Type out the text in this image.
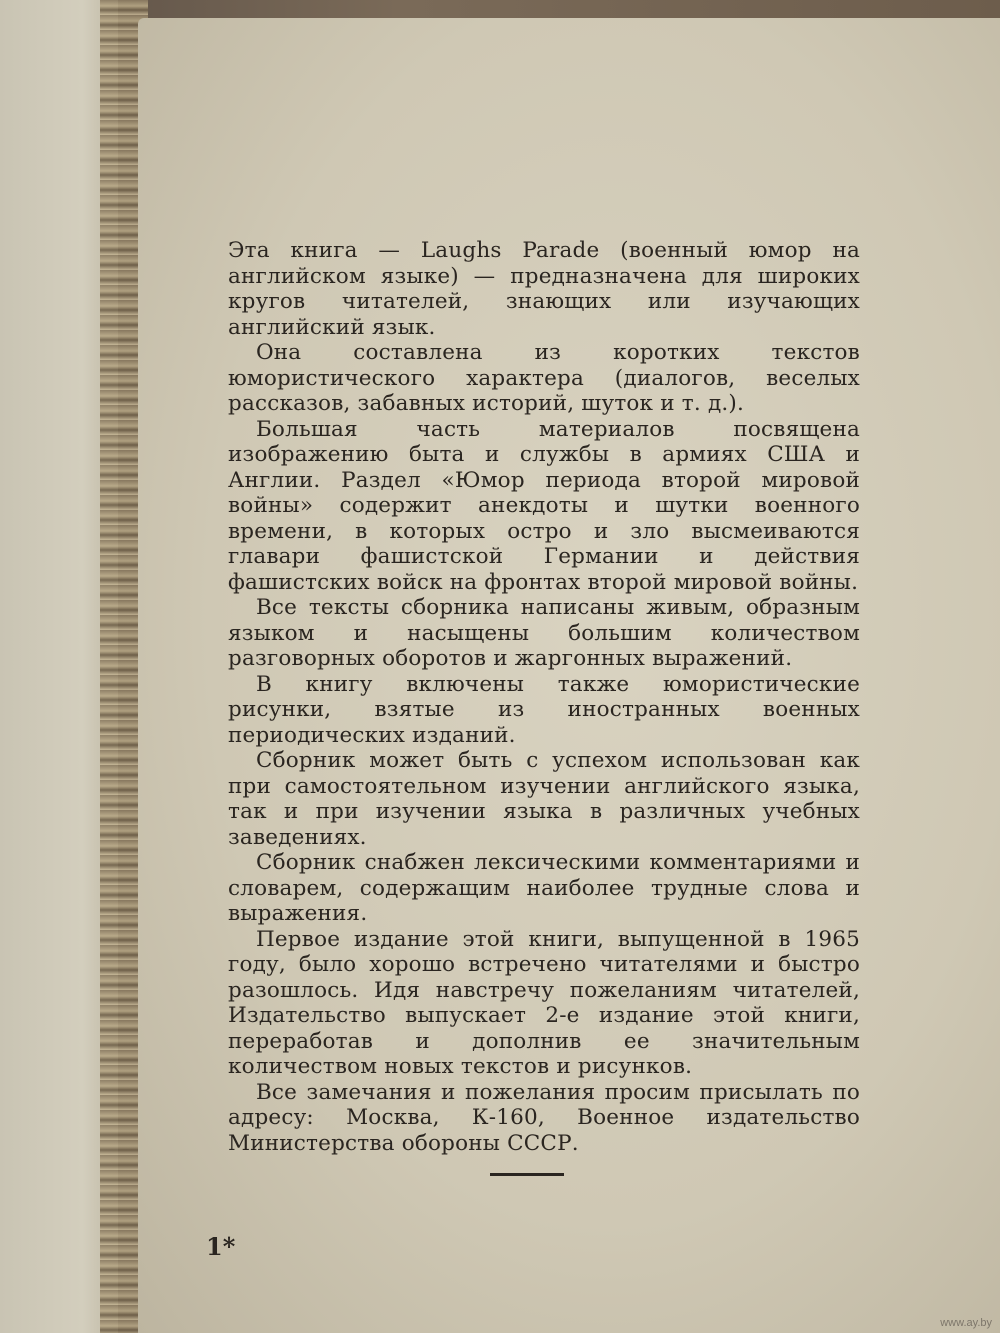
Эта книга — Laughs Parade (военный юмор на английском языке) — предназначена для широких кругов читателей, знающих или изучающих английский язык.

Она составлена из коротких текстов юмористического характера (диалогов, веселых рассказов, забавных историй, шуток и т. д.).

Большая часть материалов посвящена изображению быта и службы в армиях США и Англии. Раздел «Юмор периода второй мировой войны» содержит анекдоты и шутки военного времени, в которых остро и зло высмеиваются главари фашистской Германии и действия фашистских войск на фронтах второй мировой войны.

Все тексты сборника написаны живым, образным языком и насыщены большим количеством разговорных оборотов и жаргонных выражений.

В книгу включены также юмористические рисунки, взятые из иностранных военных периодических изданий.

Сборник может быть с успехом использован как при самостоятельном изучении английского языка, так и при изучении языка в различных учебных заведениях.

Сборник снабжен лексическими комментариями и словарем, содержащим наиболее трудные слова и выражения.

Первое издание этой книги, выпущенной в 1965 году, было хорошо встречено читателями и быстро разошлось. Идя навстречу пожеланиям читателей, Издательство выпускает 2-е издание этой книги, переработав и дополнив ее значительным количеством новых текстов и рисунков.

Все замечания и пожелания просим присылать по адресу: Москва, К-160, Военное издательство Министерства обороны СССР.

1*
www.ay.by
